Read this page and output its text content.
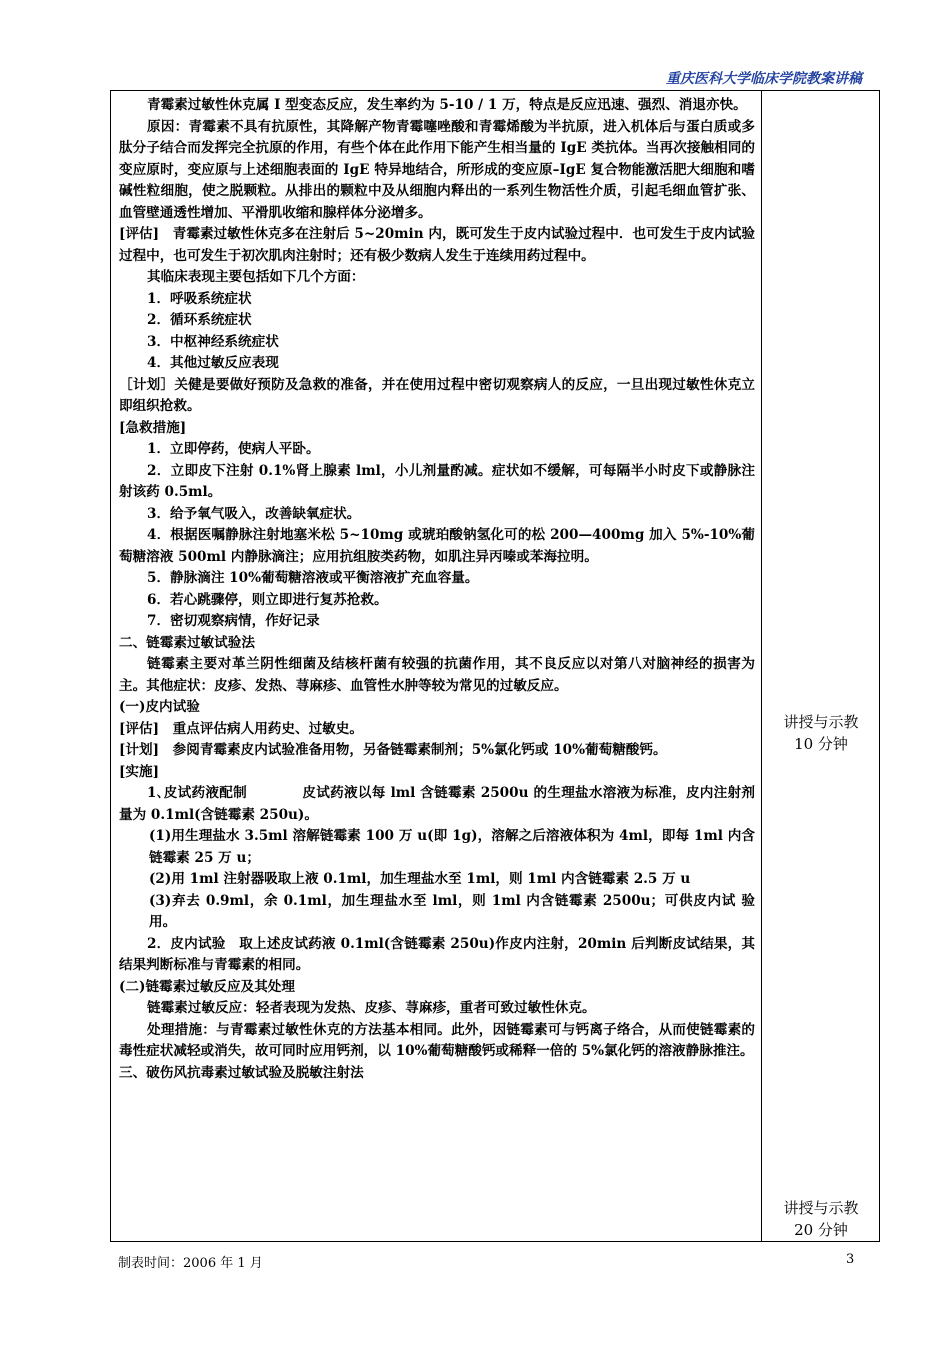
重庆医科大学临床学院教案讲稿

青霉素过敏性休克属 I 型变态反应，发生率约为 5-10 / 1 万，特点是反应迅速、强烈、消退亦快。

原因：青霉素不具有抗原性，其降解产物青霉噻唑酸和青霉烯酸为半抗原，进入机体后与蛋白质或多肽分子结合而发挥完全抗原的作用，有些个体在此作用下能产生相当量的 IgE 类抗体。当再次接触相同的变应原时，变应原与上述细胞表面的 IgE 特异地结合，所形成的变应原–IgE 复合物能激活肥大细胞和嗜碱性粒细胞，使之脱颗粒。从排出的颗粒中及从细胞内释出的一系列生物活性介质，引起毛细血管扩张、血管壁通透性增加、平滑肌收缩和腺样体分泌增多。

[评估]　青霉素过敏性休克多在注射后 5~20min 内，既可发生于皮内试验过程中．也可发生于皮内试验过程中，也可发生于初次肌肉注射时；还有极少数病人发生于连续用药过程中。

其临床表现主要包括如下几个方面：

1．呼吸系统症状

2．循环系统症状

3．中枢神经系统症状

4．其他过敏反应表现

［计划］关健是要做好预防及急救的准备，并在使用过程中密切观察病人的反应，一旦出现过敏性休克立即组织抢救。

[急救措施]

1．立即停药，使病人平卧。

2．立即皮下注射 0.1%肾上腺素 lml，小儿剂量酌减。症状如不缓解，可每隔半小时皮下或静脉注射该药 0.5ml。

3．给予氧气吸入，改善缺氧症状。

4．根据医嘱静脉注射地塞米松 5~10mg 或琥珀酸钠氢化可的松 200—400mg 加入 5%-10%葡萄糖溶液 500ml 内静脉滴注；应用抗组胺类药物，如肌注异丙嗪或苯海拉明。

5．静脉滴注 10%葡萄糖溶液或平衡溶液扩充血容量。

6．若心跳骤停，则立即进行复苏抢救。

7．密切观察病情，作好记录

二、链霉素过敏试验法

链霉素主要对革兰阴性细菌及结核杆菌有较强的抗菌作用，其不良反应以对第八对脑神经的损害为主。其他症状：皮疹、发热、荨麻疹、血管性水肿等较为常见的过敏反应。

(一)皮内试验

[评估]　重点评估病人用药史、过敏史。

[计划]　参阅青霉素皮内试验准备用物，另备链霉素制剂；5%氯化钙或 10%葡萄糖酸钙。

[实施]

1､皮试药液配制　　　　皮试药液以每 lml 含链霉素 2500u 的生理盐水溶液为标准，皮内注射剂量为 0.1ml(含链霉素 250u)。

(1)用生理盐水 3.5ml 溶解链霉素 100 万 u(即 1g)，溶解之后溶液体积为 4ml，即每 1ml 内含链霉素 25 万 u；

(2)用 1ml 注射器吸取上液 0.1ml，加生理盐水至 1ml，则 1ml 内含链霉素 2.5 万 u

(3)弃去 0.9ml，余 0.1ml，加生理盐水至 lml，则 1ml 内含链霉素 2500u；可供皮内试 验用。

2．皮内试验　取上述皮试药液 0.1ml(含链霉素 250u)作皮内注射，20min 后判断皮试结果，其结果判断标准与青霉素的相同。

(二)链霉素过敏反应及其处理

链霉素过敏反应：轻者表现为发热、皮疹、荨麻疹，重者可致过敏性休克。

处理措施：与青霉素过敏性休克的方法基本相同。此外，因链霉素可与钙离子络合，从而使链霉素的毒性症状减轻或消失，故可同时应用钙剂，以 10%葡萄糖酸钙或稀释一倍的 5%氯化钙的溶液静脉推注。

三、破伤风抗毒素过敏试验及脱敏注射法

讲授与示教
10 分钟
讲授与示教
20 分钟
制表时间：2006 年 1 月	3
